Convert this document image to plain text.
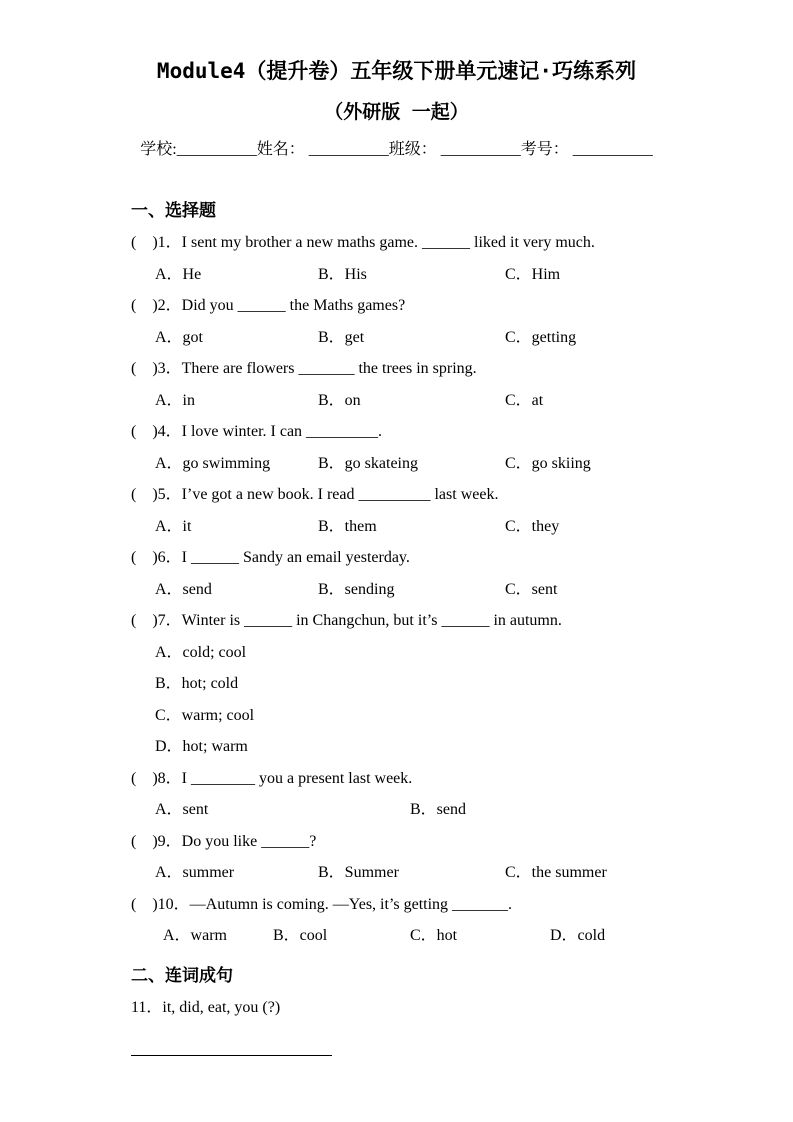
Module4（提升卷）五年级下册单元速记·巧练系列
（外研版 一起）
学校:__________姓名： __________班级： __________考号： __________
一、选择题
(　)1．I sent my brother a new maths game. ______ liked it very much.
A．He	B．His	C．Him
(　)2．Did you ______ the Maths games?
A．got	B．get	C．getting
(　)3．There are flowers _______ the trees in spring.
A．in	B．on	C．at
(　)4．I love winter. I can _________.
A．go swimming	B．go skateing	C．go skiing
(　)5．I’ve got a new book. I read _________ last week.
A．it	B．them	C．they
(　)6．I ______ Sandy an email yesterday.
A．send	B．sending	C．sent
(　)7．Winter is ______ in Changchun, but it’s ______ in autumn.
A．cold; cool
B．hot; cold
C．warm; cool
D．hot; warm
(　)8．I ________ you a present last week.
A．sent	B．send
(　)9．Do you like ______?
A．summer	B．Summer	C．the summer
(　)10．—Autumn is coming. —Yes, it’s getting _______.
A．warm	B．cool	C．hot	D．cold
二、连词成句
11．it, did, eat, you (?)
